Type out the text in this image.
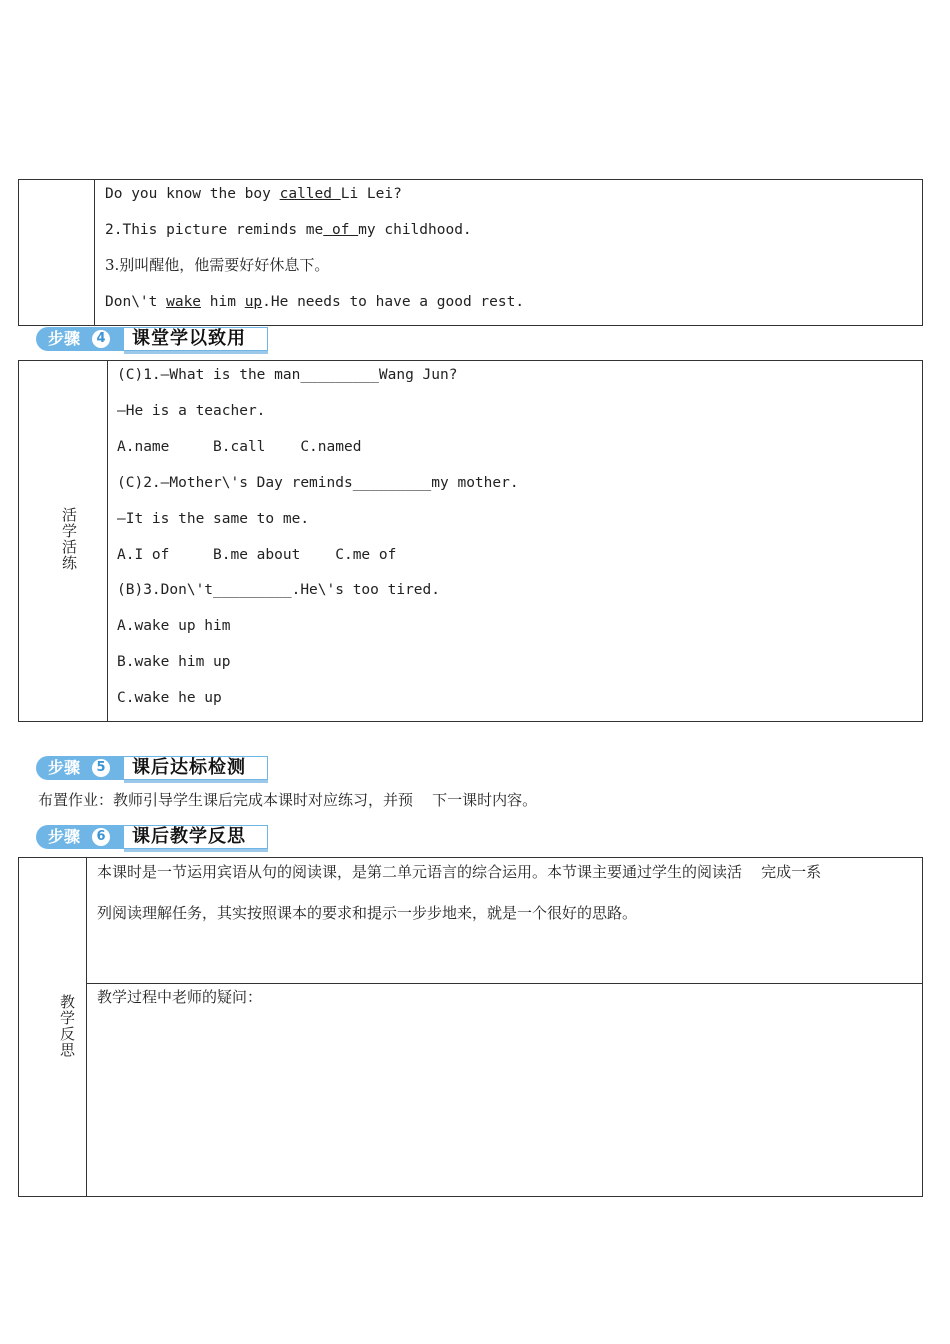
Do you know the boy called Li Lei?
2.This picture reminds me of my childhood.
3.别叫醒他，他需要好好休息下。
Don\'t wake him up.He needs to have a good rest.
步骤	4	课堂学以致用
活学活练
(C)1.—What is the man_________Wang Jun?
—He is a teacher.
A.name     B.call    C.named
(C)2.—Mother\'s Day reminds_________my mother.
—It is the same to me.
A.I of     B.me about    C.me of
(B)3.Don\'t_________.He\'s too tired.
A.wake up him
B.wake him up
C.wake he up
步骤	5	课后达标检测
布置作业：教师引导学生课后完成本课时对应练习，并预    下一课时内容。
步骤	6	课后教学反思
教学反思
本课时是一节运用宾语从句的阅读课，是第二单元语言的综合运用。本节课主要通过学生的阅读活    完成一系
列阅读理解任务，其实按照课本的要求和提示一步步地来，就是一个很好的思路。
教学过程中老师的疑问：
